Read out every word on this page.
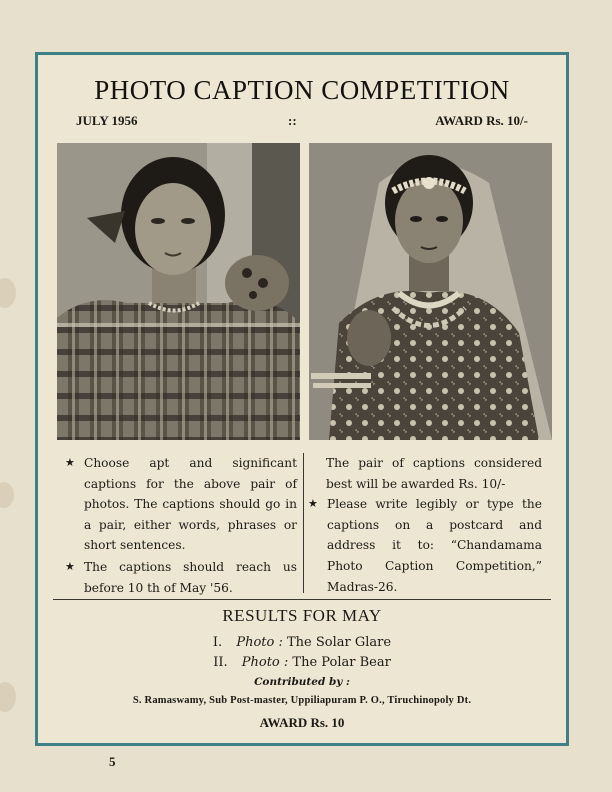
PHOTO CAPTION COMPETITION
JULY 1956	::	AWARD Rs. 10/-
★ Choose apt and significant captions for the above pair of photos. The captions should go in a pair, either words, phrases or short sentences.
★ The captions should reach us before 10 th of May '56.
The pair of captions considered best will be awarded Rs. 10/-
★ Please write legibly or type the captions on a postcard and address it to: “Chandamama Photo Caption Competition,” Madras-26.
RESULTS FOR MAY
I. Photo : The Solar Glare
II. Photo : The Polar Bear
Contributed by :
S. Ramaswamy, Sub Post-master, Uppiliapuram P. O., Tiruchinopoly Dt.
AWARD Rs. 10
5
